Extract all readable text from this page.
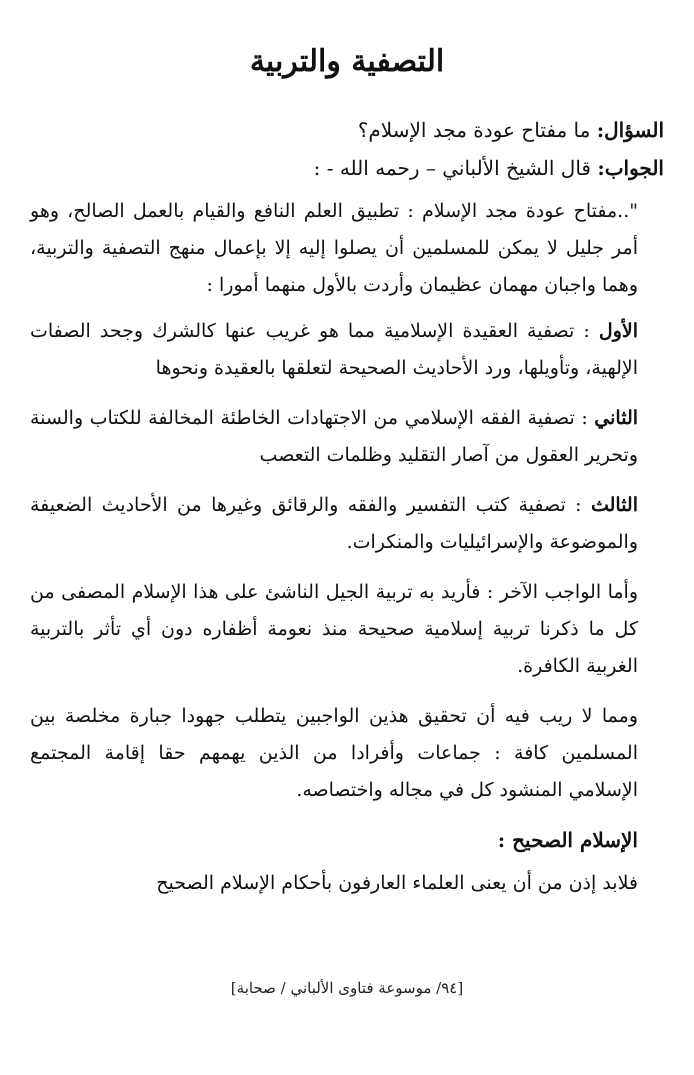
التصفية والتربية
السؤال: ما مفتاح عودة مجد الإسلام؟
الجواب: قال الشيخ الألباني – رحمه الله - :

"..مفتاح عودة مجد الإسلام : تطبيق العلم النافع والقيام بالعمل الصالح، وهو أمر جليل لا يمكن للمسلمين أن يصلوا إليه إلا بإعمال منهج التصفية والتربية، وهما واجبان مهمان عظيمان وأردت بالأول منهما أمورا :

الأول : تصفية العقيدة الإسلامية مما هو غريب عنها كالشرك وجحد الصفات الإلهية، وتأويلها، ورد الأحاديث الصحيحة لتعلقها بالعقيدة ونحوها

الثاني : تصفية الفقه الإسلامي من الاجتهادات الخاطئة المخالفة للكتاب والسنة وتحرير العقول من آصار التقليد وظلمات التعصب

الثالث : تصفية كتب التفسير والفقه والرقائق وغيرها من الأحاديث الضعيفة والموضوعة والإسرائيليات والمنكرات.

وأما الواجب الآخر : فأريد به تربية الجيل الناشئ على هذا الإسلام المصفى من كل ما ذكرنا تربية إسلامية صحيحة منذ نعومة أظفاره دون أي تأثر بالتربية الغربية الكافرة.

ومما لا ريب فيه أن تحقيق هذين الواجبين يتطلب جهودا جبارة مخلصة بين المسلمين كافة : جماعات وأفرادا من الذين يهمهم حقا إقامة المجتمع الإسلامي المنشود كل في مجاله واختصاصه.

الإسلام الصحيح :

فلابد إذن من أن يعنى العلماء العارفون بأحكام الإسلام الصحيح

[٩٤/ موسوعة فتاوى الألباني / صحابة]
